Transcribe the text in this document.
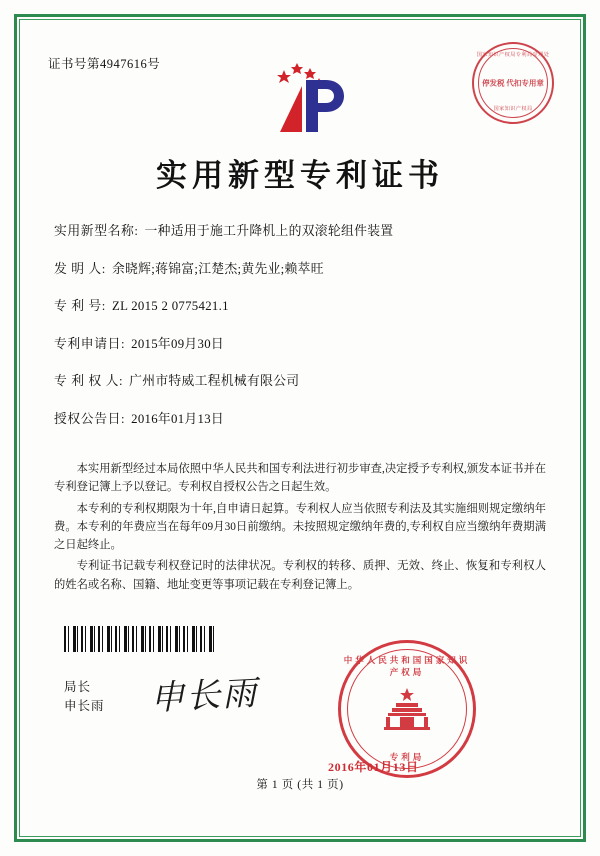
证书号第4947616号
国家知识产权局专利局受理处
停发税 代扣专用章
国家知识产权局
实用新型专利证书
实用新型名称: 一种适用于施工升降机上的双滚轮组件装置
发 明 人: 余晓辉;蒋锦富;江楚杰;黄先业;赖萃旺
专 利 号: ZL 2015 2 0775421.1
专利申请日: 2015年09月30日
专 利 权 人: 广州市特威工程机械有限公司
授权公告日: 2016年01月13日

本实用新型经过本局依照中华人民共和国专利法进行初步审查,决定授予专利权,颁发本证书并在专利登记簿上予以登记。专利权自授权公告之日起生效。

本专利的专利权期限为十年,自申请日起算。专利权人应当依照专利法及其实施细则规定缴纳年费。本专利的年费应当在每年09月30日前缴纳。未按照规定缴纳年费的,专利权自应当缴纳年费期满之日起终止。

专利证书记载专利权登记时的法律状况。专利权的转移、质押、无效、终止、恢复和专利权人的姓名或名称、国籍、地址变更等事项记载在专利登记簿上。

局长
申长雨 申长雨
中华人民共和国国家知识产权局
专利局
2016年01月13日
第 1 页 (共 1 页)
